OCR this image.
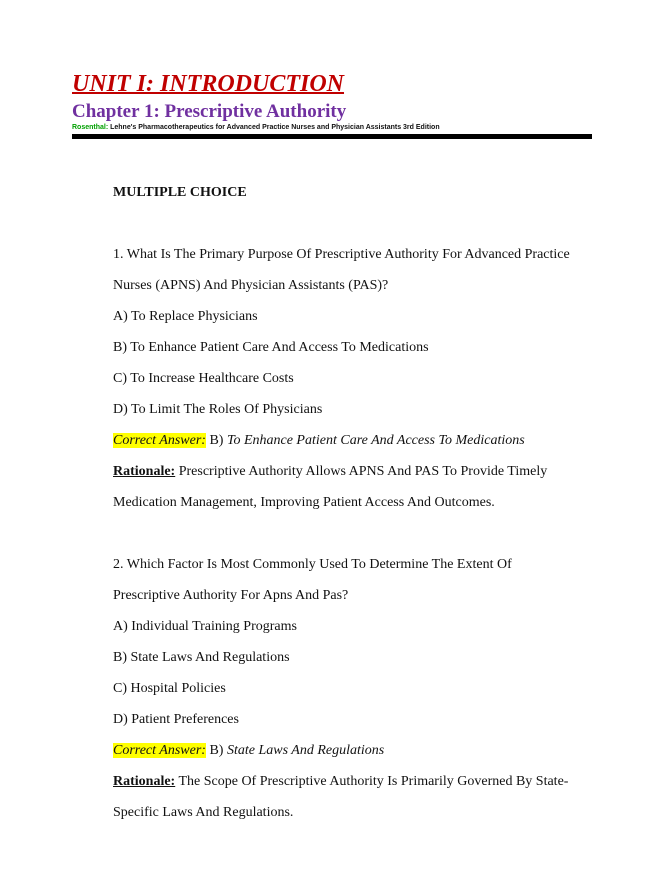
UNIT I: INTRODUCTION
Chapter 1: Prescriptive Authority
Rosenthal: Lehne's Pharmacotherapeutics for Advanced Practice Nurses and Physician Assistants 3rd Edition
MULTIPLE CHOICE
1. What Is The Primary Purpose Of Prescriptive Authority For Advanced Practice
Nurses (APNS) And Physician Assistants (PAS)?
A) To Replace Physicians
B) To Enhance Patient Care And Access To Medications
C) To Increase Healthcare Costs
D) To Limit The Roles Of Physicians
Correct Answer: B) To Enhance Patient Care And Access To Medications
Rationale: Prescriptive Authority Allows APNS And PAS To Provide Timely
Medication Management, Improving Patient Access And Outcomes.
2. Which Factor Is Most Commonly Used To Determine The Extent Of
Prescriptive Authority For Apns And Pas?
A) Individual Training Programs
B) State Laws And Regulations
C) Hospital Policies
D) Patient Preferences
Correct Answer: B) State Laws And Regulations
Rationale: The Scope Of Prescriptive Authority Is Primarily Governed By State-
Specific Laws And Regulations.
